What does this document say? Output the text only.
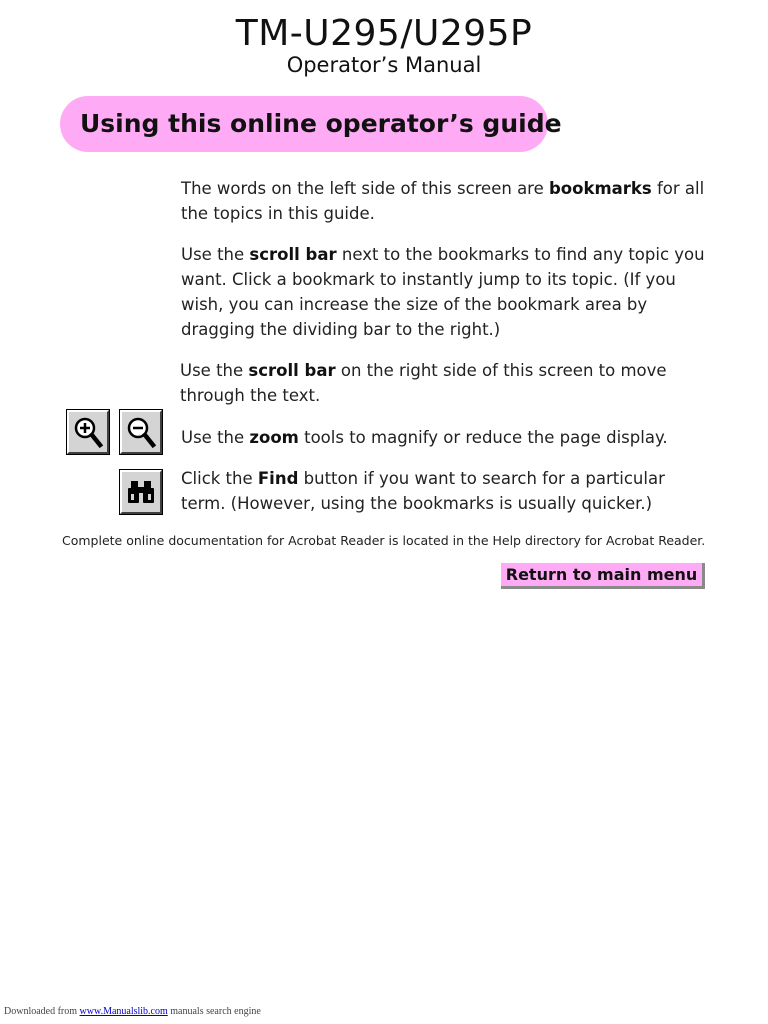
TM-U295/U295P
Operator’s Manual
Using this online operator’s guide
The words on the left side of this screen are bookmarks for all the topics in this guide.
Use the scroll bar next to the bookmarks to find any topic you want. Click a bookmark to instantly jump to its topic. (If you wish, you can increase the size of the bookmark area by dragging the dividing bar to the right.)
Use the scroll bar on the right side of this screen to move through the text.
Use the zoom tools to magnify or reduce the page display.
Click the Find button if you want to search for a particular term. (However, using the bookmarks is usually quicker.)
Complete online documentation for Acrobat Reader is located in the Help directory for Acrobat Reader.
Return to main menu
Downloaded from www.Manualslib.com manuals search engine
